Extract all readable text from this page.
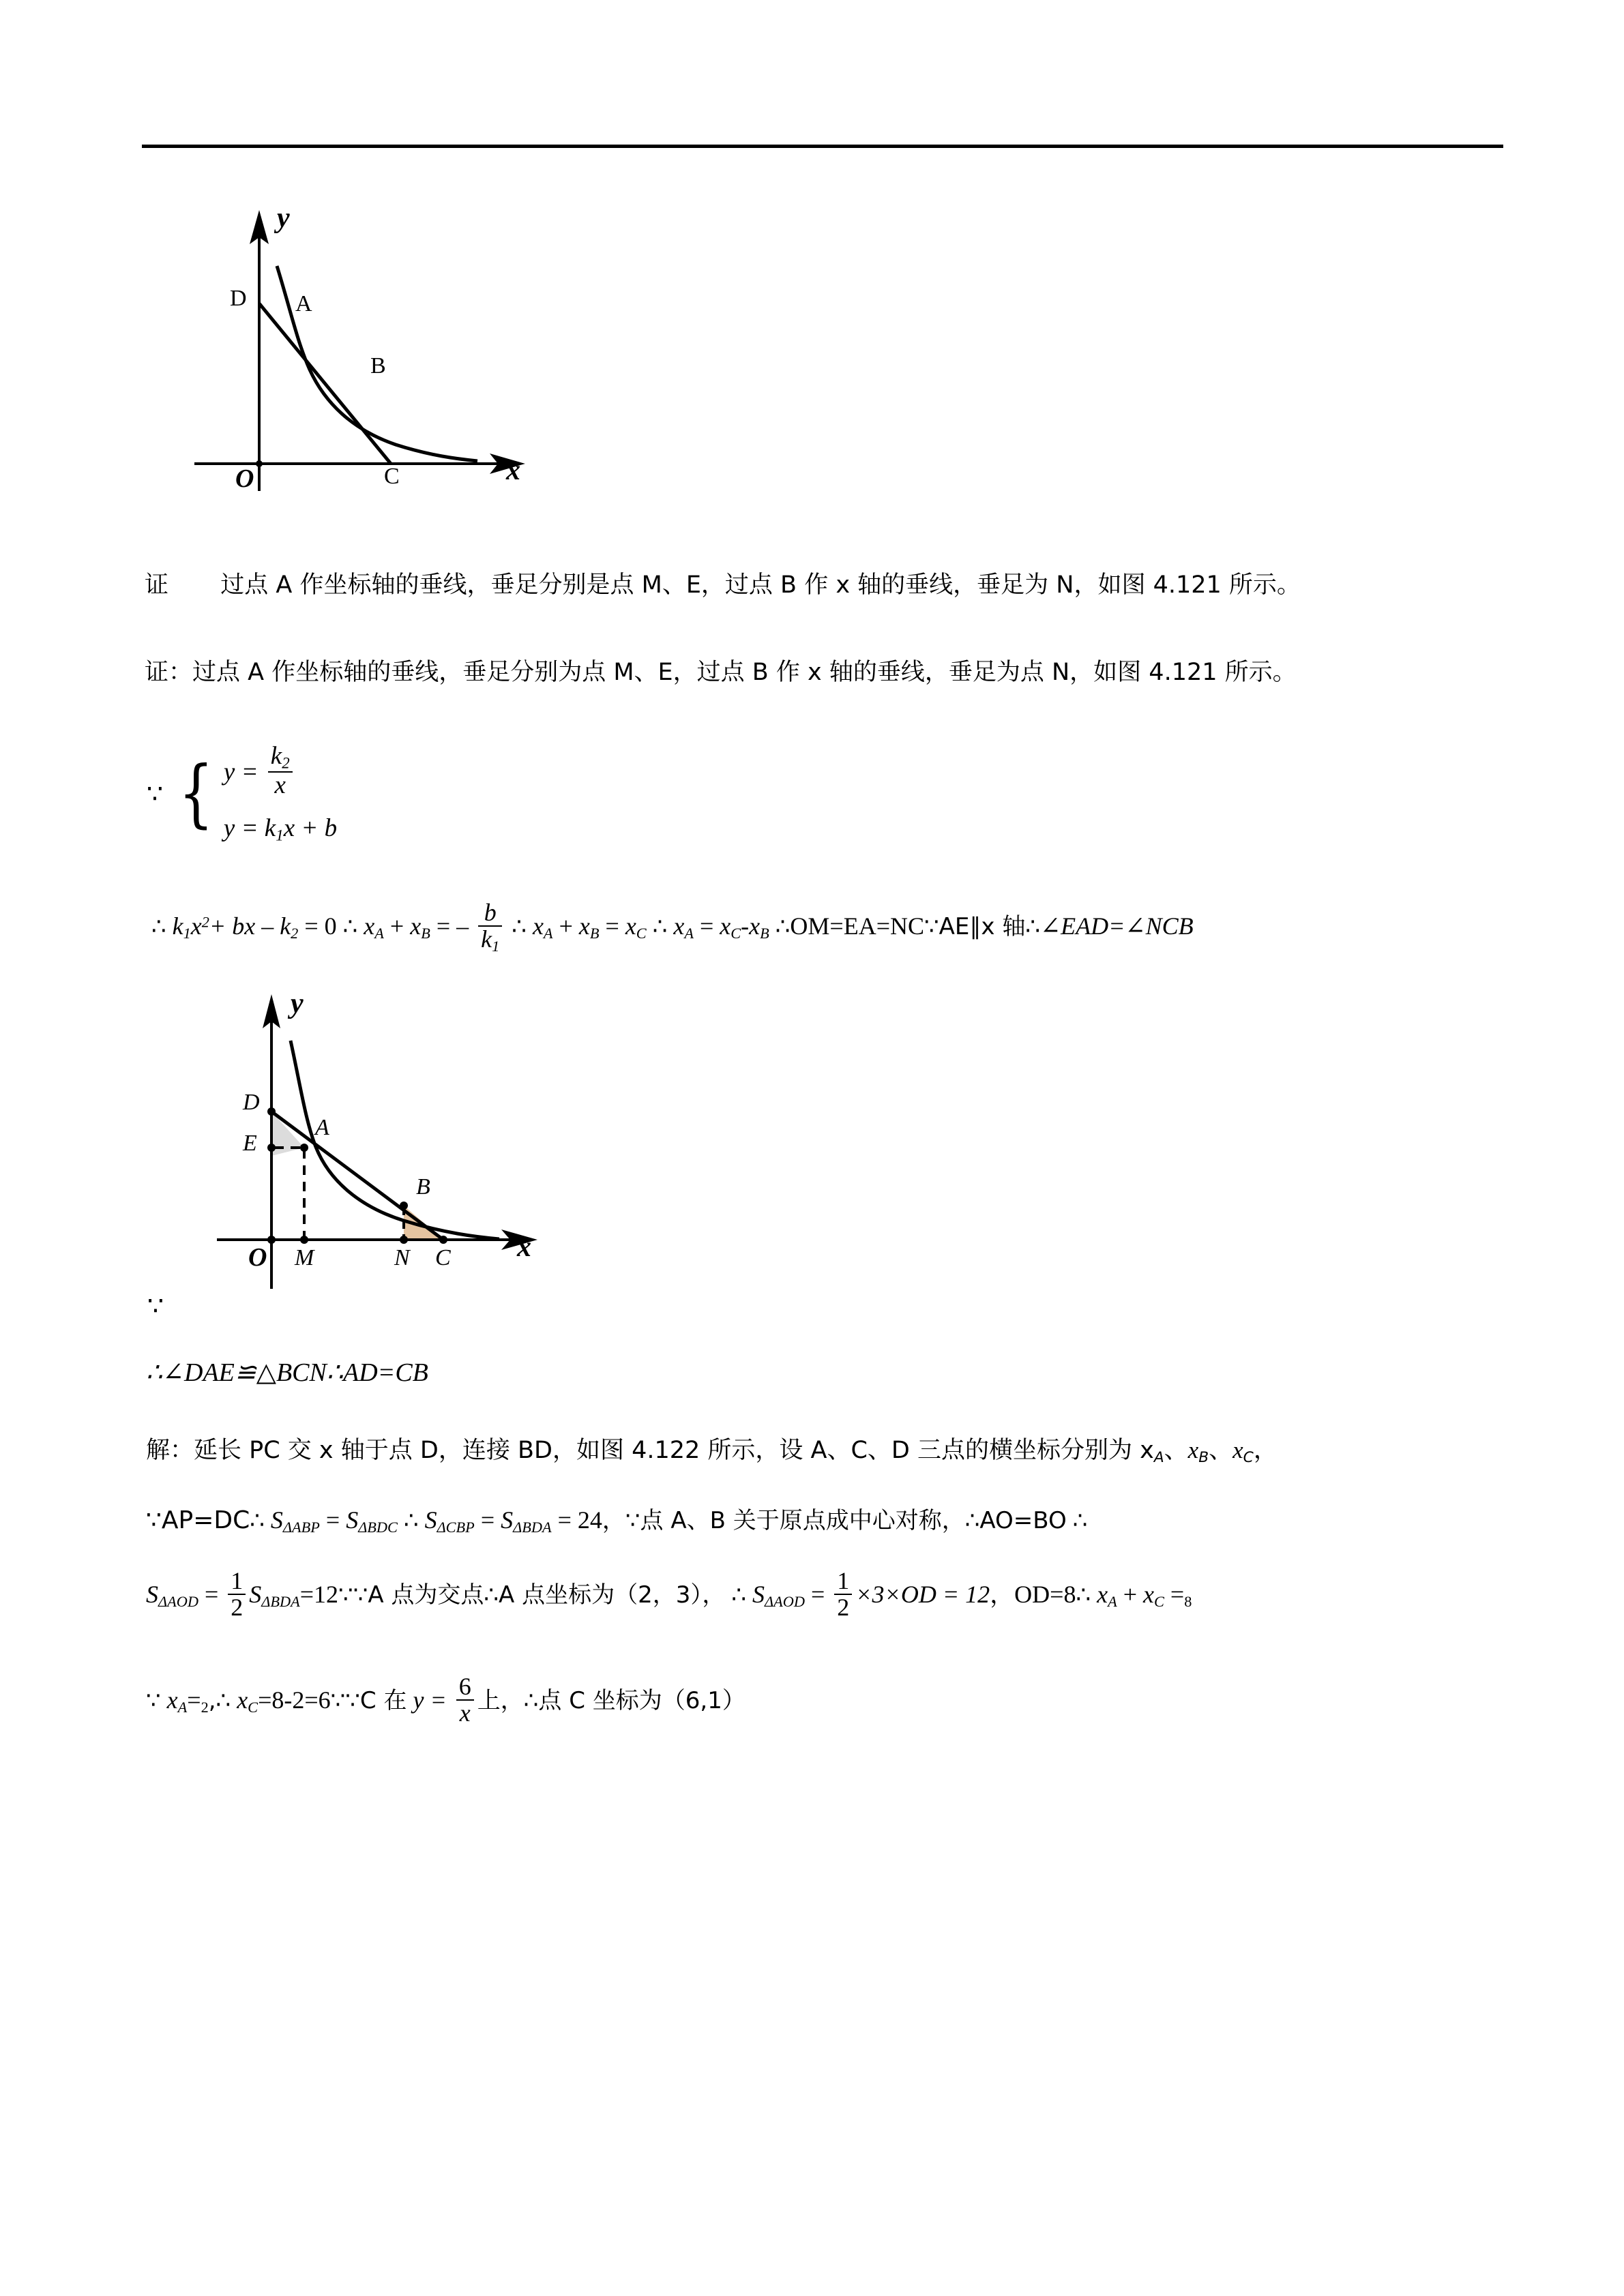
y
x
O
D A
B
C
证 过点 A 作坐标轴的垂线，垂足分别是点 M、E，过点 B 作 x 轴的垂线，垂足为 N，如图 4.121 所示。
证：过点 A 作坐标轴的垂线，垂足分别为点 M、E，过点 B 作 x 轴的垂线，垂足为点 N，如图 4.121 所示。
∵ { $y = \frac{k_2}{x}$
$y = k_1x + b$
∴ $k_1x^2+$ bx – $k_2 = 0$ ∴ $x_A + x_B$ = – $\frac{b}{k_1}$ ∴ $x_A + x_B = x_C$ ∴ $x_A = x_C-x_B$ ∴OM=EA=NC∵AE∥x 轴∴∠EAD=∠NCB
y
x
O
D
E
A
B
M	N C
∵
∴∠DAE≌△BCN∴AD=CB
解：延长 PC 交 x 轴于点 D，连接 BD，如图 4.122 所示，设 A、C、D 三点的横坐标分别为 $x_A$、$x_B$、$x_C$，
∵AP=DC∴ $S_{\Delta ABP} = S_{\Delta BDC}$ ∴ $S_{\Delta CBP} = S_{\Delta BDA} = 24$，∵点 A、B 关于原点成中心对称，∴AO=BO ∴
$S_{\Delta AOD} = \frac{1}{2}$ $S_{\Delta BDA}=12\because\because A$ 点为交点∴A 点坐标为（2，3）， ∴ $S_{\Delta AOD} = \frac{1}{2} \times 3\times OD = 12$，OD=8∴ $x_A + x_C =_8$
∵ $x_A=_2,\therefore$ $x_C=8-2=6\because\because C$ 在 $y = \frac{6}{x}$ 上，∴点 C 坐标为（6,1）
